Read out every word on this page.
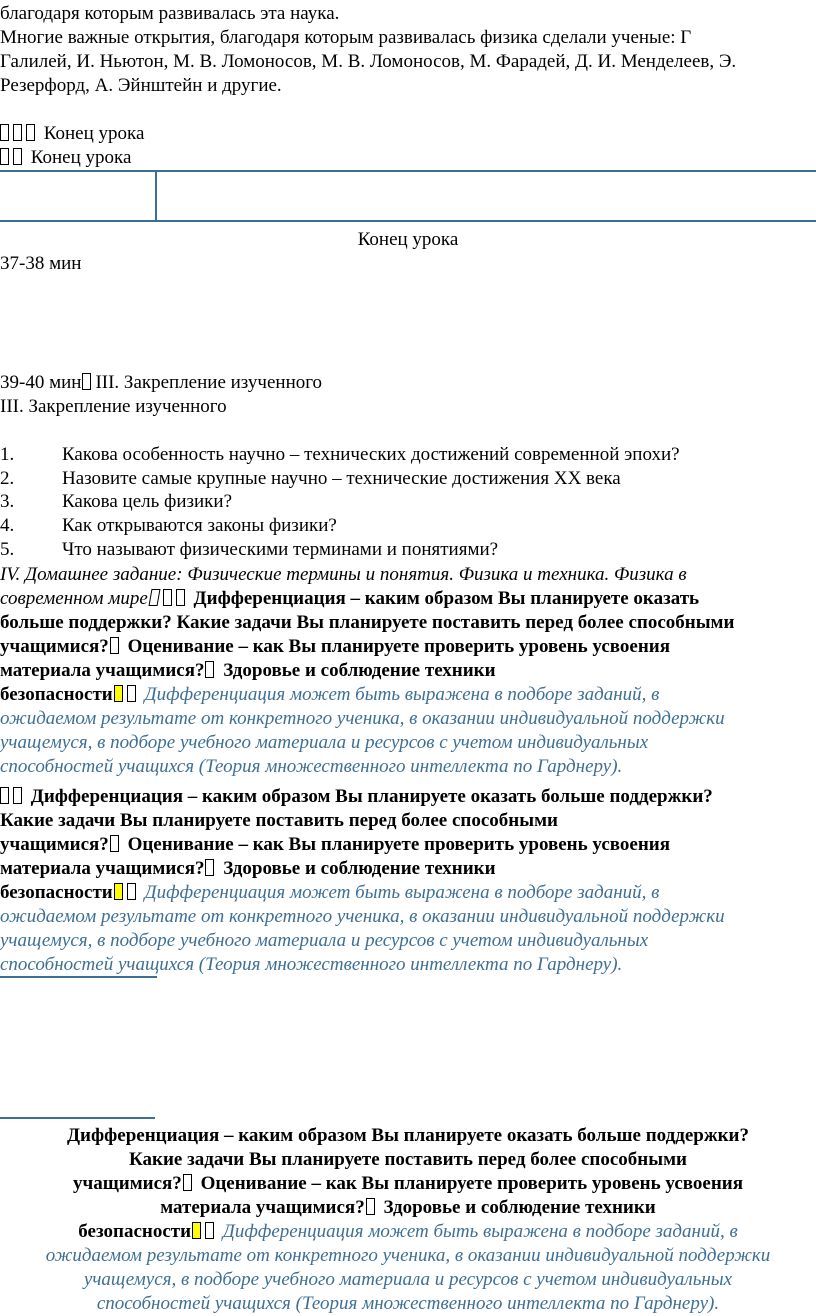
благодаря которым развивалась эта наука.
Многие важные открытия, благодаря которым развивалась физика сделали ученые: Г
Галилей, И. Ньютон, М. В. Ломоносов, М. В. Ломоносов, М. Фарадей, Д. И. Менделеев, Э.
Резерфорд, А. Эйнштейн и другие.
Конец урока
Конец урока
Конец урока
37-38 мин
39-40 мин III. Закрепление изученного
III. Закрепление изученного
1.	Какова особенность научно – технических достижений современной эпохи?
2.	Назовите самые крупные научно – технические достижения ХХ века
3.	Какова цель физики?
4.	Как открываются законы физики?
5.	Что называют физическими терминами и понятиями?
IV. Домашнее задание: Физические термины и понятия. Физика и техника. Физика в
современном мире Дифференциация – каким образом Вы планируете оказать
больше поддержки? Какие задачи Вы планируете поставить перед более способными
учащимися? Оценивание – как Вы планируете проверить уровень усвоения
материала учащимися? Здоровье и соблюдение техники
безопасности Дифференциация может быть выражена в подборе заданий, в
ожидаемом результате от конкретного ученика, в оказании индивидуальной поддержки
учащемуся, в подборе учебного материала и ресурсов с учетом индивидуальных
способностей учащихся (Теория множественного интеллекта по Гарднеру).
Дифференциация – каким образом Вы планируете оказать больше поддержки?
Какие задачи Вы планируете поставить перед более способными
учащимися? Оценивание – как Вы планируете проверить уровень усвоения
материала учащимися? Здоровье и соблюдение техники
безопасности Дифференциация может быть выражена в подборе заданий, в
ожидаемом результате от конкретного ученика, в оказании индивидуальной поддержки
учащемуся, в подборе учебного материала и ресурсов с учетом индивидуальных
способностей учащихся (Теория множественного интеллекта по Гарднеру).
Дифференциация – каким образом Вы планируете оказать больше поддержки?
Какие задачи Вы планируете поставить перед более способными
учащимися? Оценивание – как Вы планируете проверить уровень усвоения
материала учащимися? Здоровье и соблюдение техники
безопасности Дифференциация может быть выражена в подборе заданий, в
ожидаемом результате от конкретного ученика, в оказании индивидуальной поддержки
учащемуся, в подборе учебного материала и ресурсов с учетом индивидуальных
способностей учащихся (Теория множественного интеллекта по Гарднеру).
